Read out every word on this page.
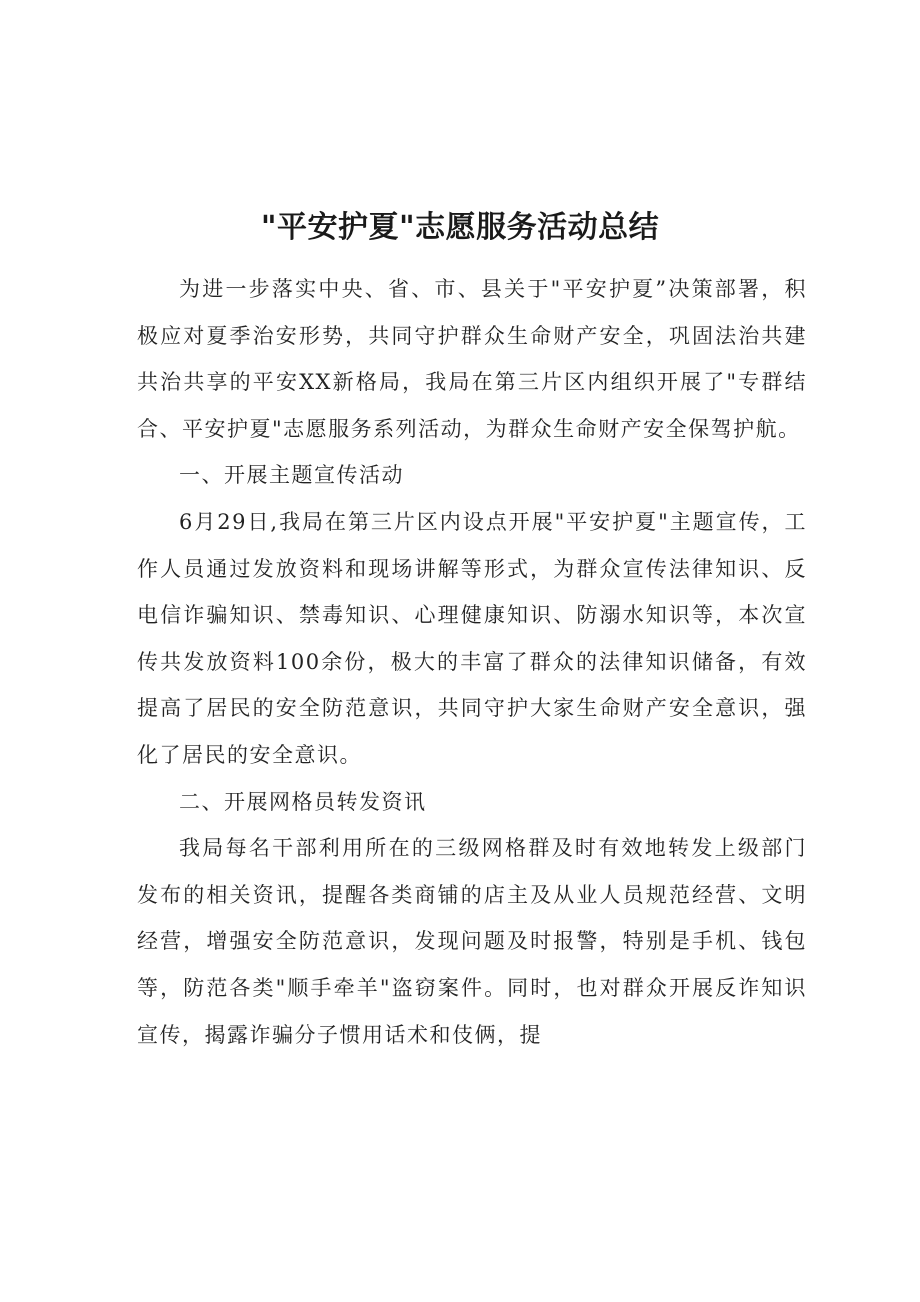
"平安护夏"志愿服务活动总结

为进一步落实中央、省、市、县关于"平安护夏”决策部署，积极应对夏季治安形势，共同守护群众生命财产安全，巩固法治共建共治共享的平安XX新格局，我局在第三片区内组织开展了"专群结合、平安护夏"志愿服务系列活动，为群众生命财产安全保驾护航。

一、开展主题宣传活动

6月29日,我局在第三片区内设点开展"平安护夏"主题宣传，工作人员通过发放资料和现场讲解等形式，为群众宣传法律知识、反电信诈骗知识、禁毒知识、心理健康知识、防溺水知识等，本次宣传共发放资料100余份，极大的丰富了群众的法律知识储备，有效提高了居民的安全防范意识，共同守护大家生命财产安全意识，强化了居民的安全意识。

二、开展网格员转发资讯

我局每名干部利用所在的三级网格群及时有效地转发上级部门发布的相关资讯，提醒各类商铺的店主及从业人员规范经营、文明经营，增强安全防范意识，发现问题及时报警，特别是手机、钱包等，防范各类"顺手牵羊"盗窃案件。同时，也对群众开展反诈知识宣传，揭露诈骗分子惯用话术和伎俩，提
